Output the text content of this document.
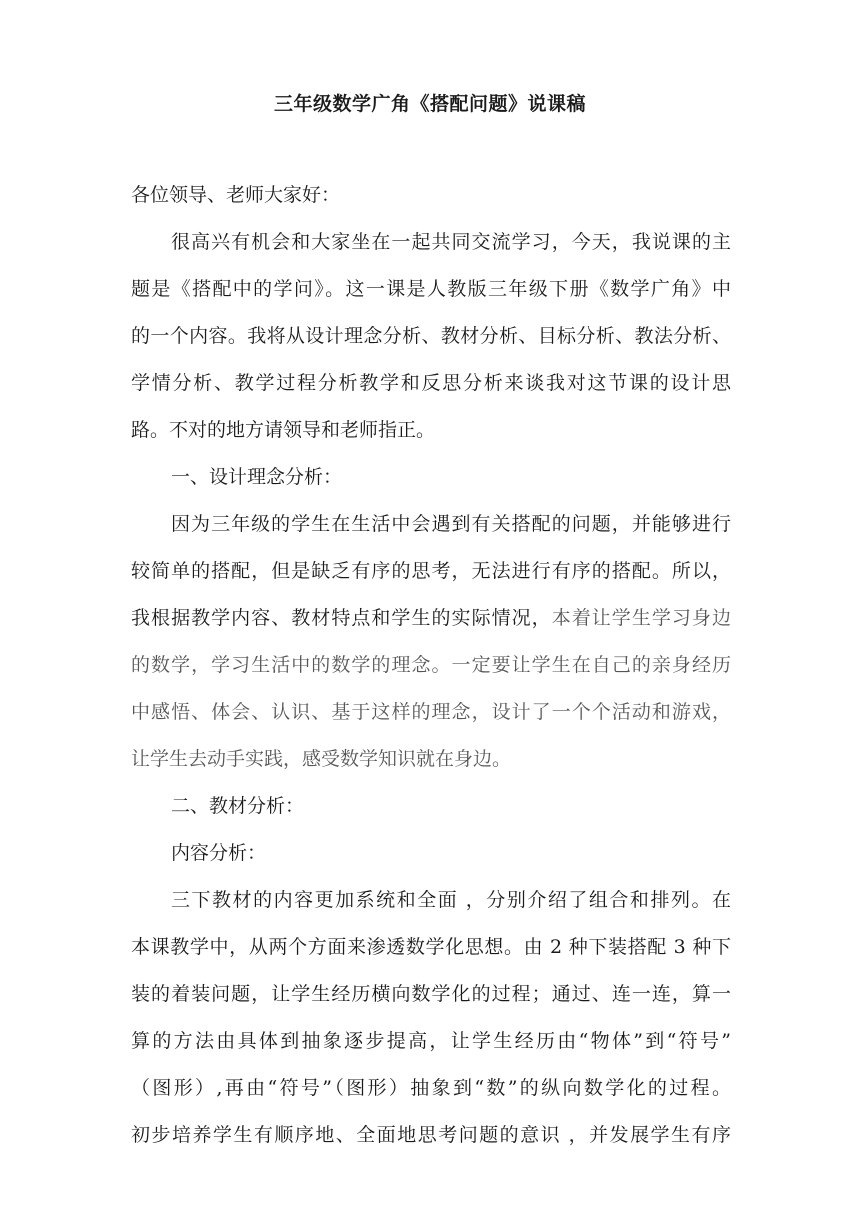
三年级数学广角《搭配问题》说课稿
各位领导、老师大家好：
很高兴有机会和大家坐在一起共同交流学习，今天，我说课的主
题是《搭配中的学问》。这一课是人教版三年级下册《数学广角》中
的一个内容。我将从设计理念分析、教材分析、目标分析、教法分析、
学情分析、教学过程分析教学和反思分析来谈我对这节课的设计思
路。不对的地方请领导和老师指正。
一、设计理念分析：
因为三年级的学生在生活中会遇到有关搭配的问题，并能够进行
较简单的搭配，但是缺乏有序的思考，无法进行有序的搭配。所以，
我根据教学内容、教材特点和学生的实际情况，本着让学生学习身边
的数学，学习生活中的数学的理念。一定要让学生在自己的亲身经历
中感悟、体会、认识、基于这样的理念，设计了一个个活动和游戏，
让学生去动手实践，感受数学知识就在身边。
二、教材分析：
内容分析：
三下教材的内容更加系统和全面 ，分别介绍了组合和排列。在
本课教学中，从两个方面来渗透数学化思想。由 2 种下装搭配 3 种下
装的着装问题，让学生经历横向数学化的过程；通过、连一连，算一
算的方法由具体到抽象逐步提高，让学生经历由“物体”到“符号”
（图形）,再由“符号”（图形）抽象到“数”的纵向数学化的过程。
初步培养学生有顺序地、全面地思考问题的意识 ，并发展学生有序
